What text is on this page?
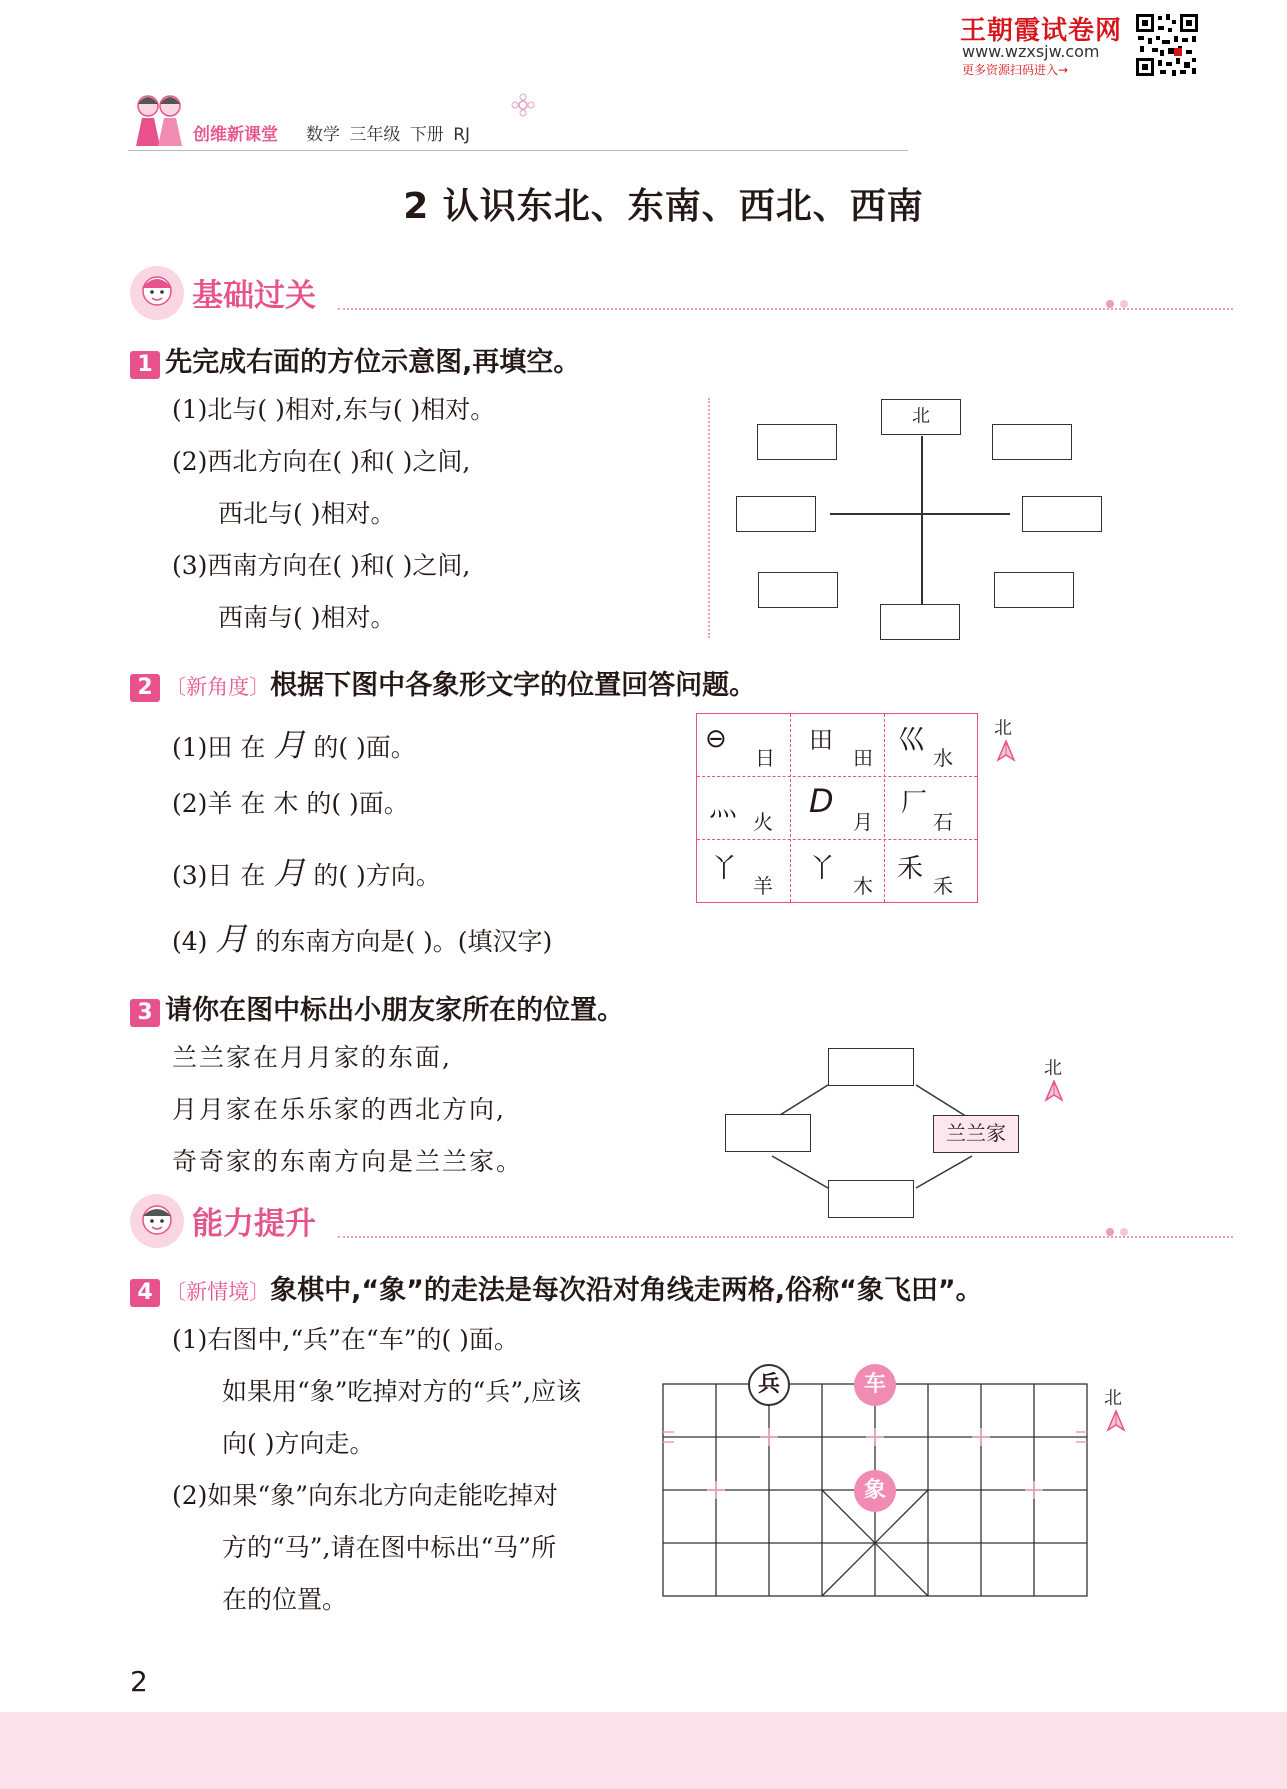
王朝霞试卷网
www.wzxsjw.com
更多资源扫码进入→
创维新课堂 数学 三年级 下册 RJ
2 认识东北、东南、西北、西南
基础过关
1 先完成右面的方位示意图,再填空。
(1)北与( )相对,东与( )相对。
(2)西北方向在( )和( )之间,
西北与( )相对。
(3)西南方向在( )和( )之间,
西南与( )相对。
北
2 〔新角度〕根据下图中各象形文字的位置回答问题。
(1)田 在 月 的( )面。
(2)羊 在 木 的( )面。
(3)日 在 月 的( )方向。
(4) 月 的东南方向是( )。(填汉字)
⊖
日
田
田
巛
水
灬 火
D
月
厂
石
丫
羊
丫
木
禾
禾
北
3 请你在图中标出小朋友家所在的位置。
兰兰家在月月家的东面,
月月家在乐乐家的西北方向,
奇奇家的东南方向是兰兰家。
兰兰家
北
能力提升
4 〔新情境〕象棋中,“象”的走法是每次沿对角线走两格,俗称“象飞田”。
(1)右图中,“兵”在“车”的( )面。
如果用“象”吃掉对方的“兵”,应该
向( )方向走。
(2)如果“象”向东北方向走能吃掉对
方的“马”,请在图中标出“马”所
在的位置。
兵	车
象
北
2
